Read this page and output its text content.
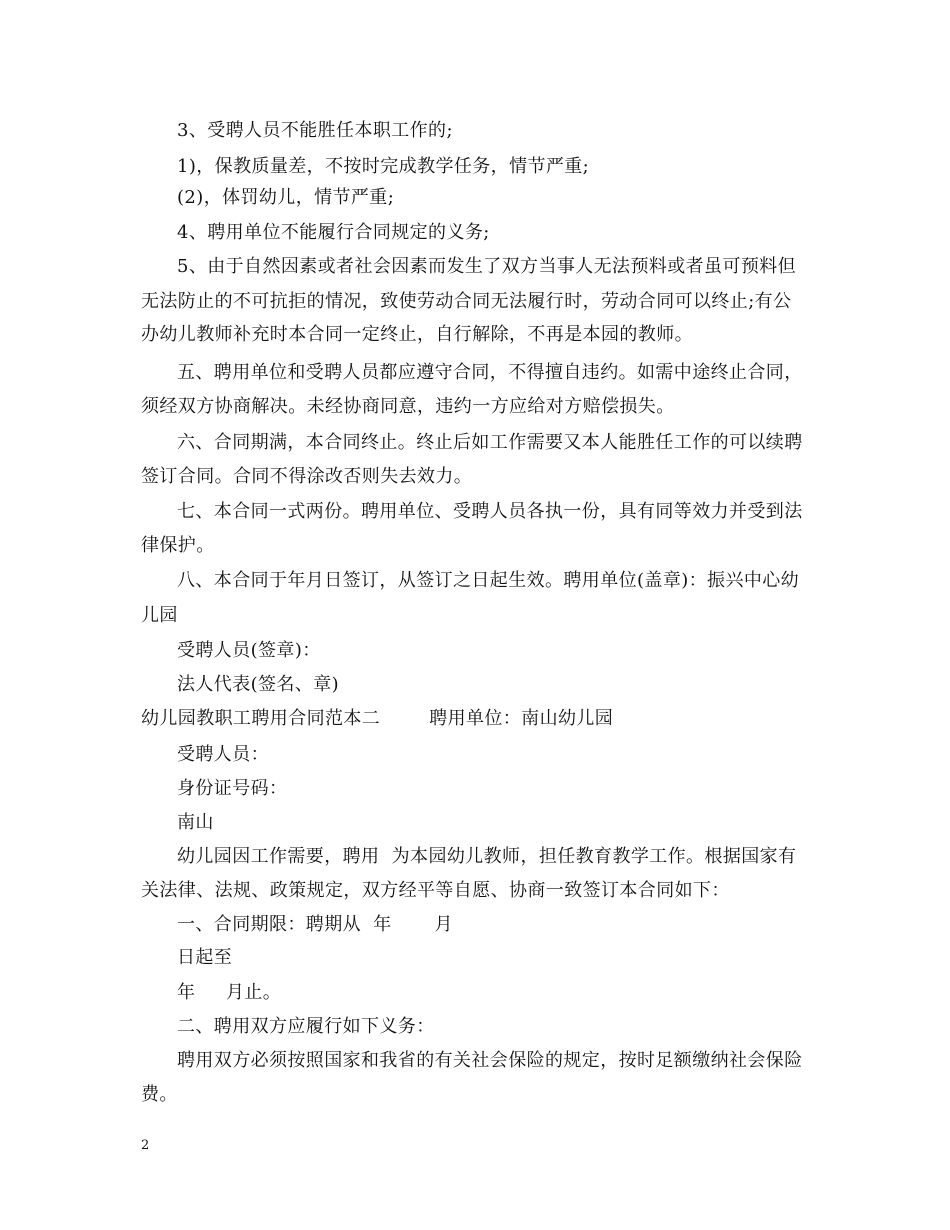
3、受聘人员不能胜任本职工作的;
1)，保教质量差，不按时完成教学任务，情节严重;
(2)，体罚幼儿，情节严重;
4、聘用单位不能履行合同规定的义务;
5、由于自然因素或者社会因素而发生了双方当事人无法预料或者虽可预料但
无法防止的不可抗拒的情况，致使劳动合同无法履行时，劳动合同可以终止;有公
办幼儿教师补充时本合同一定终止，自行解除，不再是本园的教师。
五、聘用单位和受聘人员都应遵守合同，不得擅自违约。如需中途终止合同，
须经双方协商解决。未经协商同意，违约一方应给对方赔偿损失。
六、合同期满，本合同终止。终止后如工作需要又本人能胜任工作的可以续聘
签订合同。合同不得涂改否则失去效力。
七、本合同一式两份。聘用单位、受聘人员各执一份，具有同等效力并受到法
律保护。
八、本合同于年月日签订，从签订之日起生效。聘用单位(盖章)：振兴中心幼
儿园
受聘人员(签章)：
法人代表(签名、章)
幼儿园教职工聘用合同范本二        聘用单位：南山幼儿园
受聘人员：
身份证号码：
南山
幼儿园因工作需要，聘用  为本园幼儿教师，担任教育教学工作。根据国家有
关法律、法规、政策规定，双方经平等自愿、协商一致签订本合同如下：
一、合同期限：聘期从  年       月
日起至
年     月止。
二、聘用双方应履行如下义务：
聘用双方必须按照国家和我省的有关社会保险的规定，按时足额缴纳社会保险
费。
2
